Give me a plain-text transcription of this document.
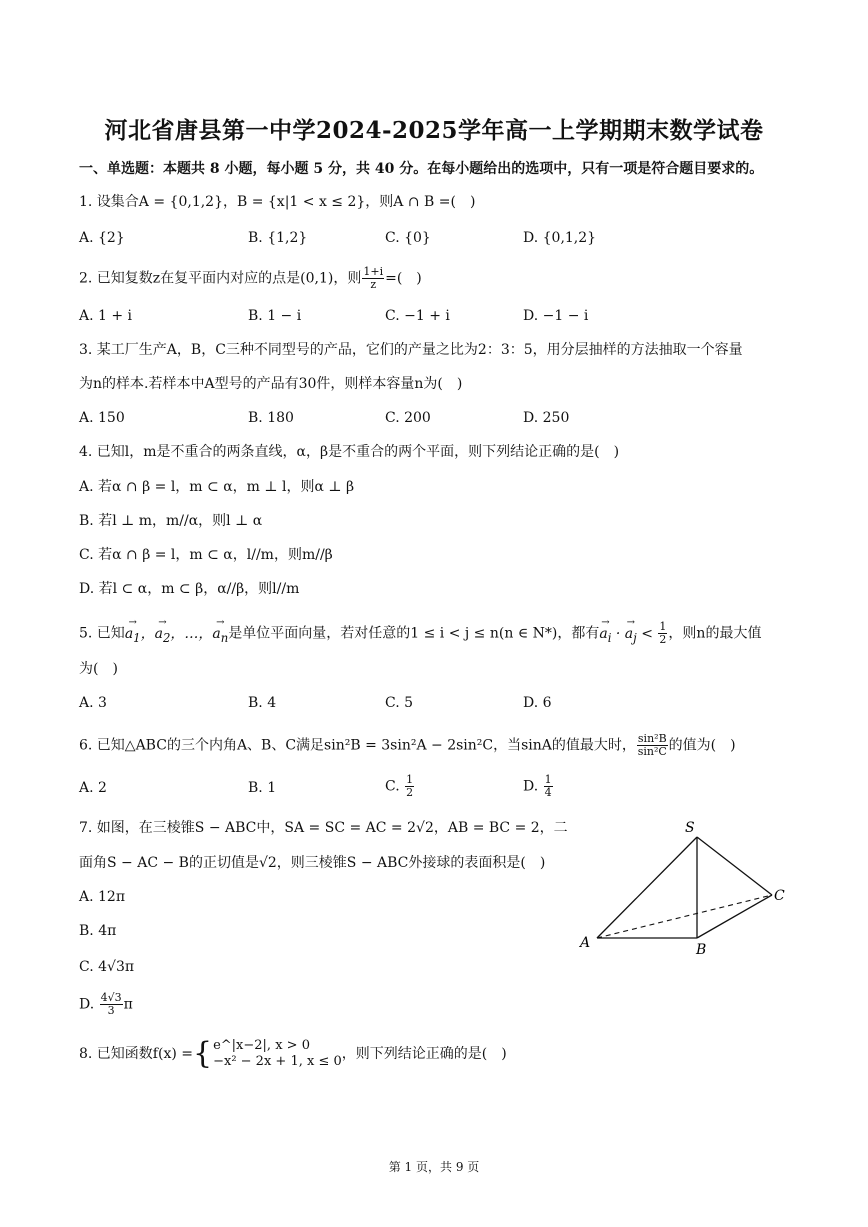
河北省唐县第一中学2024-2025学年高一上学期期末数学试卷
一、单选题：本题共 8 小题，每小题 5 分，共 40 分。在每小题给出的选项中，只有一项是符合题目要求的。
1. 设集合A = {0,1,2}，B = {x|1 < x ≤ 2}，则A ∩ B =(　)
A. {2}	B. {1,2}	C. {0}	D. {0,1,2}
2. 已知复数z在复平面内对应的点是(0,1)，则 $\frac{1+i}{z}$ =(　)
A. 1 + i	B. 1 − i	C. −1 + i	D. −1 − i
3. 某工厂生产A，B，C三种不同型号的产品，它们的产量之比为2：3：5，用分层抽样的方法抽取一个容量
为n的样本.若样本中A型号的产品有30件，则样本容量n为(　)
A. 150	B. 180	C. 200	D. 250
4. 已知l，m是不重合的两条直线，α，β是不重合的两个平面，则下列结论正确的是(　)
A. 若α ∩ β = l，m ⊂ α，m ⊥ l，则α ⊥ β
B. 若l ⊥ m，m//α，则l ⊥ α
C. 若α ∩ β = l，m ⊂ α，l//m，则m//β
D. 若l ⊂ α，m ⊂ β，α//β，则l//m
5. 已知→ $a_1$，→ $a_2$，…，→ $a_n$是单位平面向量，若对任意的1 ≤ i < j ≤ n(n ∈ N*)，都有→ $a_i$ · → $a_j < \frac{1}{2}$ ，则n的最大值
为(　)
A. 3	B. 4	C. 5	D. 6
6. 已知△ABC的三个内角A、B、C满足sin²B = 3sin²A − 2sin²C，当sinA的值最大时， $\frac{\text{sin²B}}{\text{sin²C}}$ 的值为(　)
A. 2	B. 1	C. $\frac{1}{2}$	D. $\frac{1}{4}$
7. 如图，在三棱锥S − ABC中，SA = SC = AC = 2√2，AB = BC = 2，二
面角S − AC − B的正切值是√2，则三棱锥S − ABC外接球的表面积是(　)
A. 12π
B. 4π
C. 4√3π
D. $\frac{4√3}{3}$ π
S
A	B
C
8. 已知函数f(x) ={ e^|x−2|, x > 0
−x² − 2x + 1, x ≤ 0 ，则下列结论正确的是(　)
第 1 页，共 9 页
